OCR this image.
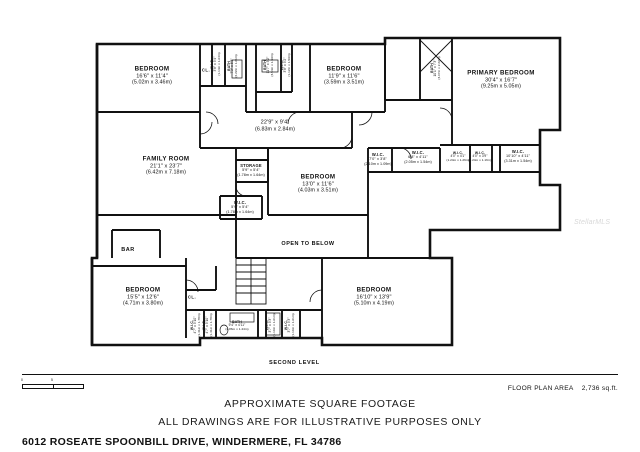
BEDROOM
16'6" x 11'4"
(5.02m x 3.46m)
BEDROOM
11'9" x 11'6"
(3.59m x 3.51m)
PRIMARY BEDROOM
30'4" x 16'7"
(9.25m x 5.05m)
FAMILY ROOM
21'1" x 23'7"
(6.42m x 7.18m)
BEDROOM
13'0" x 11'6"
(4.03m x 3.51m)
BEDROOM
15'5" x 12'6"
(4.71m x 3.80m)
BEDROOM
16'10" x 13'9"
(5.10m x 4.19m)
22'9" x 9'4"
(6.83m x 2.84m)
STORAGE
5'9" x 5'4"
(1.78m x 1.64m)
W.I.C.
5'9" x 5'4"
(1.78m x 1.64m)
W.I.C.
7'0" x 3'8"
(2.10m x 1.09m)
W.I.C.
6'8" x 4'11"
(2.05m x 1.54m)
W.I.C.
10'10" x 4'11"
(3.31m x 1.54m)
W.I.C.
4'0" x 4'1"
(1.24m x 1.26m)
W.I.C.
4'0" x 3'9"
(1.24m x 1.16m)
BATH 7'3" x 5'3" (2.22m x 1.61m)
W.I.C. 3'8" x 5'4" (1.14m x 1.64m)	BATH 11'7" x 5'2" (3.54m x 1.59m) W.I.C. 3'8" x 5'2" (1.12m x 1.59m)	BATH 10'1" x 7'3" (3.07m x 2.22m)
BATH
9'4" x 4'11"
(2.86m x 1.44m)
W.I.C. 4'7" x 5'10" (1.41m x 1.78m) W.I.C. 4'7" x 5'10" (1.41m x 1.78m)	W.I.C. 3'7" x 5'3" (1.10m x 1.61m) W.I.C. 3'7" x 5'3" (1.10m x 1.61m)
BAR
CL.
CL.
OPEN TO BELOW
0	5
SECOND LEVEL
FLOOR PLAN AREA 2,736 sq.ft.
APPROXIMATE SQUARE FOOTAGE
ALL DRAWINGS ARE FOR ILLUSTRATIVE PURPOSES ONLY
6012 ROSEATE SPOONBILL DRIVE, WINDERMERE, FL 34786
StellarMLS
